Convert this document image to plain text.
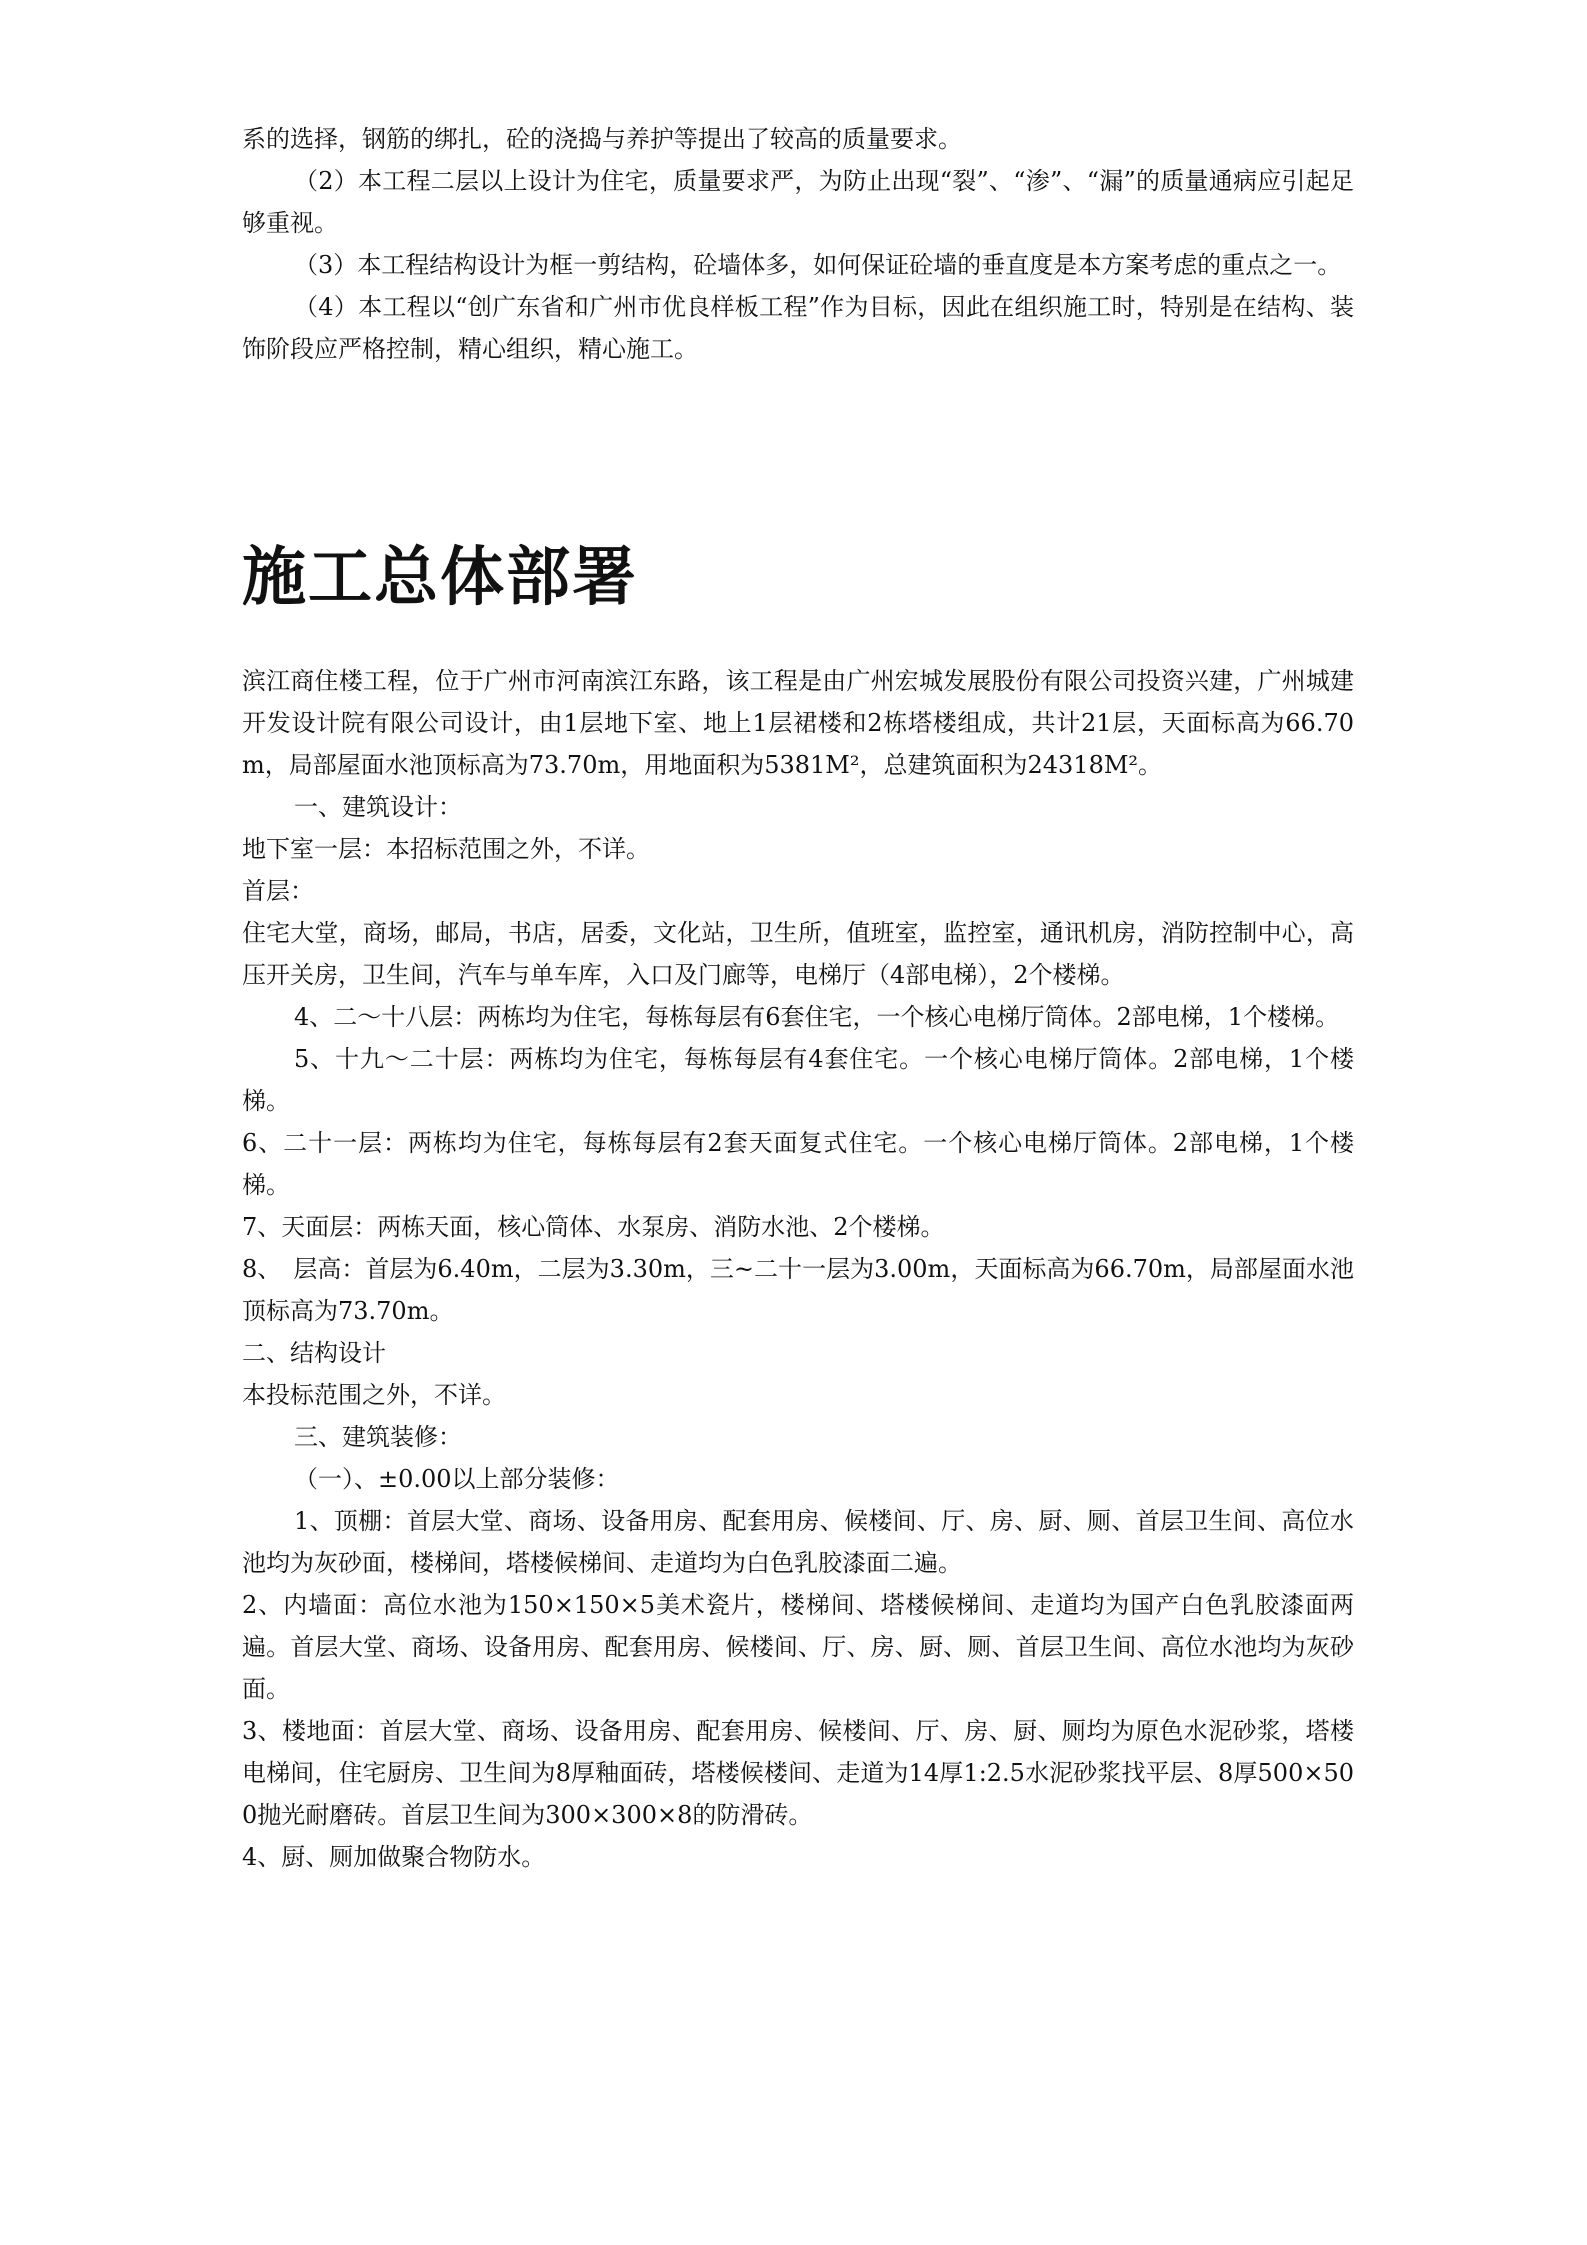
系的选择，钢筋的绑扎，砼的浇捣与养护等提出了较高的质量要求。

（2）本工程二层以上设计为住宅，质量要求严，为防止出现“裂”、“渗”、“漏”的质量通病应引起足够重视。

（3）本工程结构设计为框一剪结构，砼墙体多，如何保证砼墙的垂直度是本方案考虑的重点之一。

（4）本工程以“创广东省和广州市优良样板工程”作为目标，因此在组织施工时，特别是在结构、装饰阶段应严格控制，精心组织，精心施工。

施工总体部署

滨江商住楼工程，位于广州市河南滨江东路，该工程是由广州宏城发展股份有限公司投资兴建，广州城建开发设计院有限公司设计，由1层地下室、地上1层裙楼和2栋塔楼组成，共计21层，天面标高为66.70m，局部屋面水池顶标高为73.70m，用地面积为5381M²，总建筑面积为24318M²。

一、建筑设计：

地下室一层：本招标范围之外，不详。

首层：

住宅大堂，商场，邮局，书店，居委，文化站，卫生所，值班室，监控室，通讯机房，消防控制中心，高压开关房，卫生间，汽车与单车库，入口及门廊等，电梯厅（4部电梯），2个楼梯。

4、二～十八层：两栋均为住宅，每栋每层有6套住宅，一个核心电梯厅筒体。2部电梯，1个楼梯。

5、十九～二十层：两栋均为住宅，每栋每层有4套住宅。一个核心电梯厅筒体。2部电梯，1个楼梯。

6、二十一层：两栋均为住宅，每栋每层有2套天面复式住宅。一个核心电梯厅筒体。2部电梯，1个楼梯。

7、天面层：两栋天面，核心筒体、水泵房、消防水池、2个楼梯。

8、　层高：首层为6.40m，二层为3.30m，三~二十一层为3.00m，天面标高为66.70m，局部屋面水池顶标高为73.70m。

二、结构设计

本投标范围之外，不详。

三、建筑装修：

（一）、±0.00以上部分装修：

1、顶棚：首层大堂、商场、设备用房、配套用房、候楼间、厅、房、厨、厕、首层卫生间、高位水池均为灰砂面，楼梯间，塔楼候梯间、走道均为白色乳胶漆面二遍。

2、内墙面：高位水池为150×150×5美术瓷片，楼梯间、塔楼候梯间、走道均为国产白色乳胶漆面两遍。首层大堂、商场、设备用房、配套用房、候楼间、厅、房、厨、厕、首层卫生间、高位水池均为灰砂面。

3、楼地面：首层大堂、商场、设备用房、配套用房、候楼间、厅、房、厨、厕均为原色水泥砂浆，塔楼电梯间，住宅厨房、卫生间为8厚釉面砖，塔楼候楼间、走道为14厚1:2.5水泥砂浆找平层、8厚500×500抛光耐磨砖。首层卫生间为300×300×8的防滑砖。

4、厨、厕加做聚合物防水。
